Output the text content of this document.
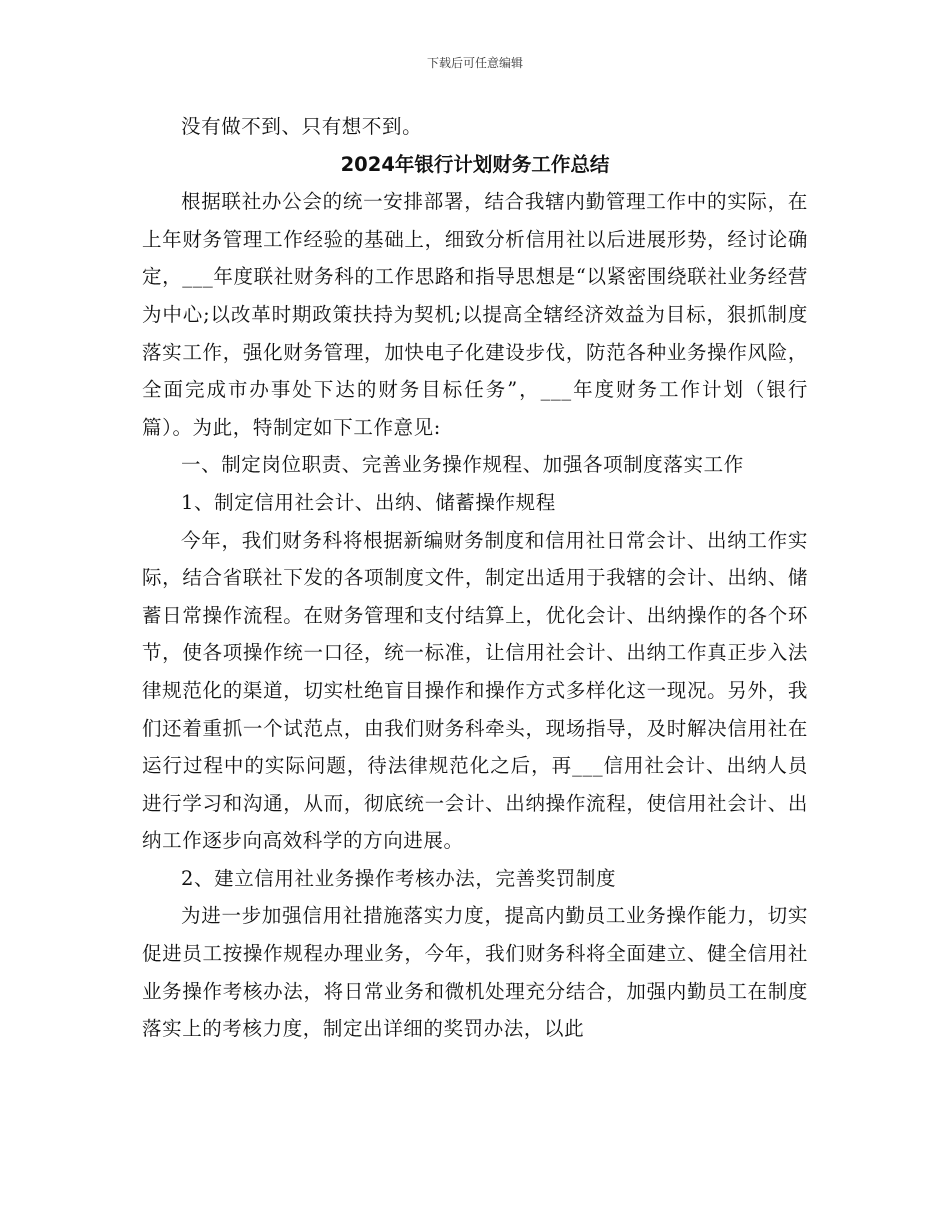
下载后可任意编辑

没有做不到、只有想不到。

2024年银行计划财务工作总结

根据联社办公会的统一安排部署，结合我辖内勤管理工作中的实际，在上年财务管理工作经验的基础上，细致分析信用社以后进展形势，经讨论确定，___年度联社财务科的工作思路和指导思想是“以紧密围绕联社业务经营为中心;以改革时期政策扶持为契机;以提高全辖经济效益为目标，狠抓制度落实工作，强化财务管理，加快电子化建设步伐，防范各种业务操作风险，全面完成市办事处下达的财务目标任务”，___年度财务工作计划（银行篇）。为此，特制定如下工作意见:

一、制定岗位职责、完善业务操作规程、加强各项制度落实工作

1、制定信用社会计、出纳、储蓄操作规程

今年，我们财务科将根据新编财务制度和信用社日常会计、出纳工作实际，结合省联社下发的各项制度文件，制定出适用于我辖的会计、出纳、储蓄日常操作流程。在财务管理和支付结算上，优化会计、出纳操作的各个环节，使各项操作统一口径，统一标准，让信用社会计、出纳工作真正步入法律规范化的渠道，切实杜绝盲目操作和操作方式多样化这一现况。另外，我们还着重抓一个试范点，由我们财务科牵头，现场指导，及时解决信用社在运行过程中的实际问题，待法律规范化之后，再___信用社会计、出纳人员进行学习和沟通，从而，彻底统一会计、出纳操作流程，使信用社会计、出纳工作逐步向高效科学的方向进展。

2、建立信用社业务操作考核办法，完善奖罚制度

为进一步加强信用社措施落实力度，提高内勤员工业务操作能力，切实促进员工按操作规程办理业务，今年，我们财务科将全面建立、健全信用社业务操作考核办法，将日常业务和微机处理充分结合，加强内勤员工在制度落实上的考核力度，制定出详细的奖罚办法，以此
